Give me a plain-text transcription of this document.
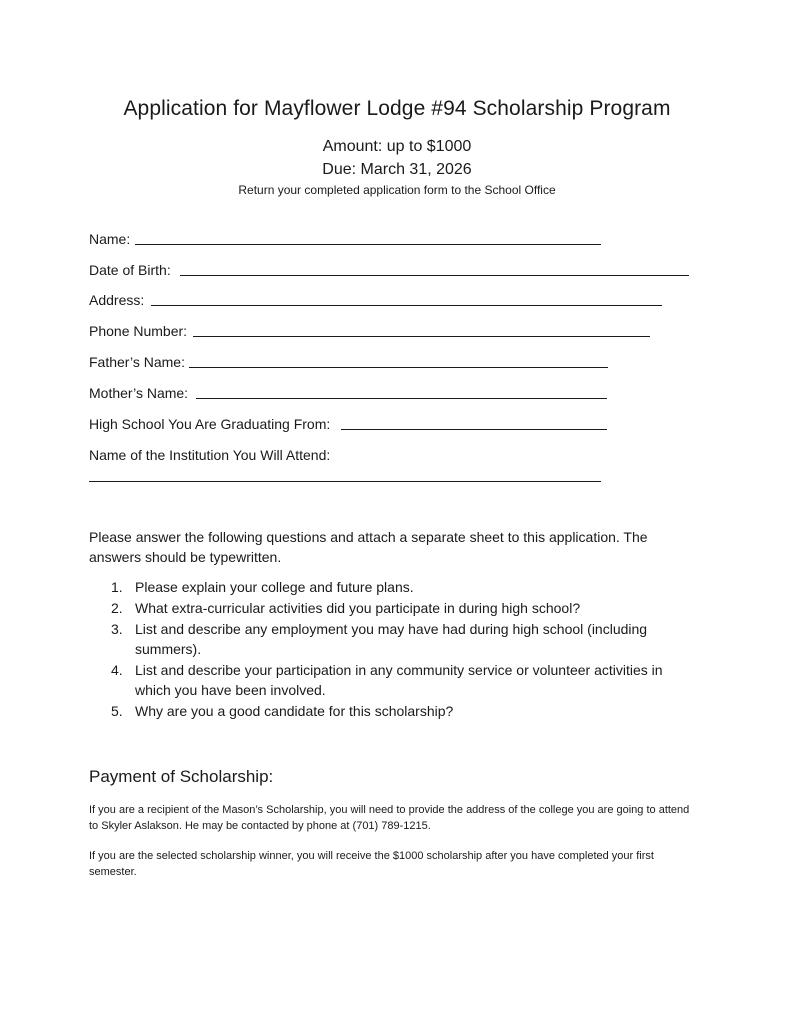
Application for Mayflower Lodge #94 Scholarship Program
Amount: up to $1000
Due: March 31, 2026
Return your completed application form to the School Office
Name:
Date of Birth:
Address:
Phone Number:
Father’s Name:
Mother’s Name:
High School You Are Graduating From:
Name of the Institution You Will Attend:
Please answer the following questions and attach a separate sheet to this application. The answers should be typewritten.
1. Please explain your college and future plans.
2. What extra-curricular activities did you participate in during high school?
3. List and describe any employment you may have had during high school (including summers).
4. List and describe your participation in any community service or volunteer activities in which you have been involved.
5. Why are you a good candidate for this scholarship?
Payment of Scholarship:
If you are a recipient of the Mason’s Scholarship, you will need to provide the address of the college you are going to attend to Skyler Aslakson. He may be contacted by phone at (701) 789-1215.
If you are the selected scholarship winner, you will receive the $1000 scholarship after you have completed your first semester.
